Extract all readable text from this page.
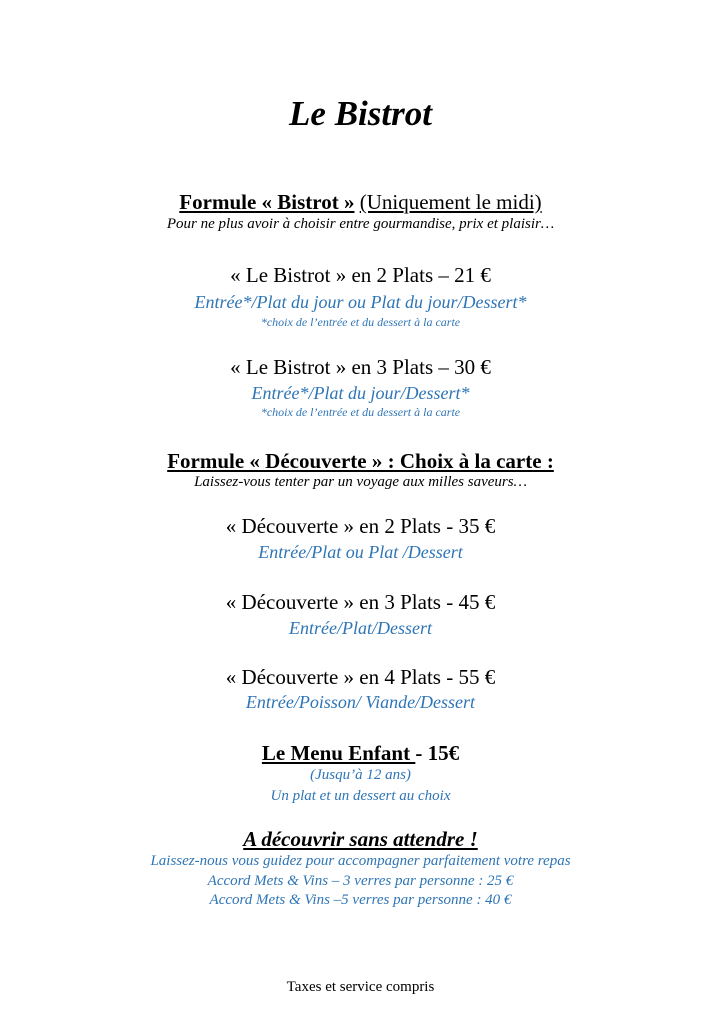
Le Bistrot
Formule « Bistrot » (Uniquement le midi)
Pour ne plus avoir à choisir entre gourmandise, prix et plaisir…
« Le Bistrot » en 2 Plats – 21 €
Entrée*/Plat du jour ou Plat du jour/Dessert*
*choix de l’entrée et du dessert à la carte
« Le Bistrot » en 3 Plats – 30 €
Entrée*/Plat du jour/Dessert*
*choix de l’entrée et du dessert à la carte
Formule « Découverte » : Choix à la carte :
Laissez-vous tenter par un voyage aux milles saveurs…
« Découverte » en 2 Plats - 35 €
Entrée/Plat ou Plat /Dessert
« Découverte » en 3 Plats - 45 €
Entrée/Plat/Dessert
« Découverte » en 4 Plats - 55 €
Entrée/Poisson/ Viande/Dessert
Le Menu Enfant - 15€
(Jusqu’à 12 ans)
Un plat et un dessert au choix
A découvrir sans attendre !
Laissez-nous vous guidez pour accompagner parfaitement votre repas
Accord Mets & Vins – 3 verres par personne : 25 €
Accord Mets & Vins –5 verres par personne : 40 €
Taxes et service compris
